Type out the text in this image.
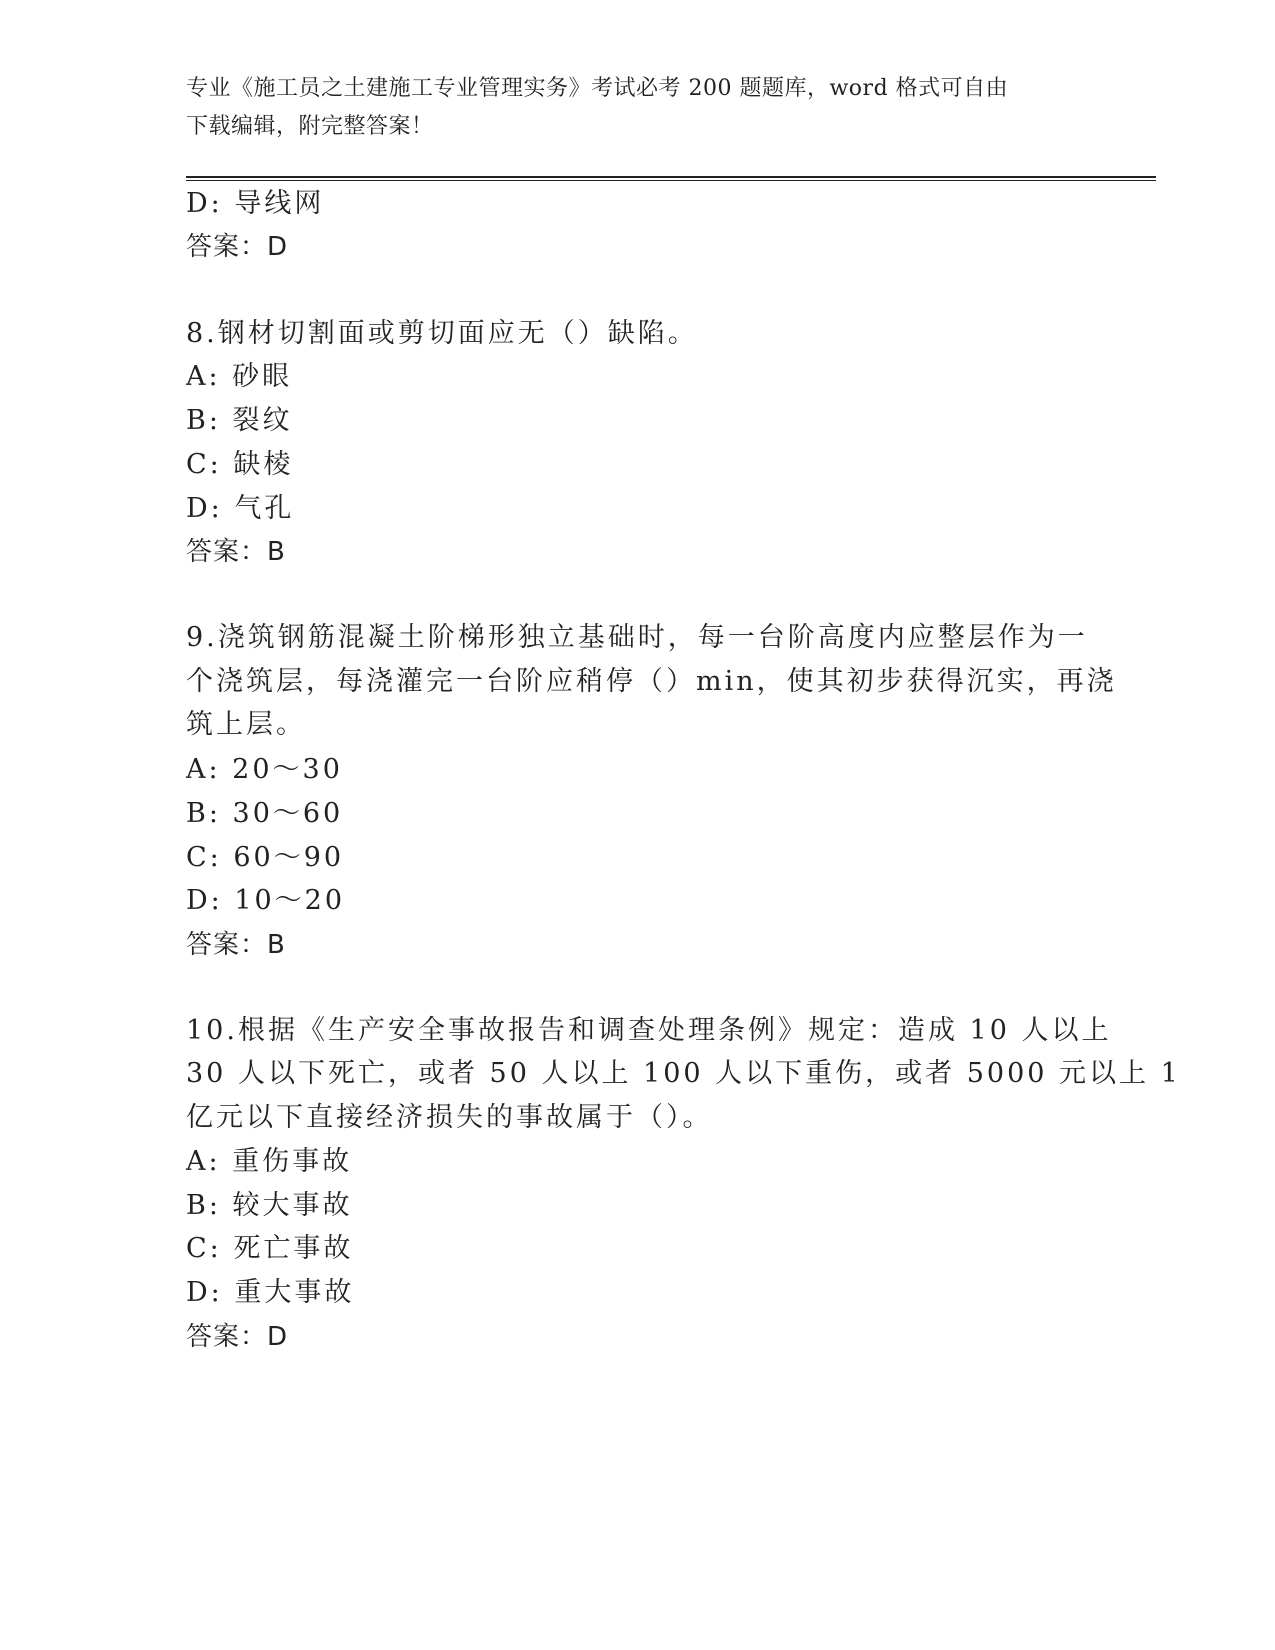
专业《施工员之土建施工专业管理实务》考试必考 200 题题库，word 格式可自由
下载编辑，附完整答案！
D: 导线网
答案：D
8.钢材切割面或剪切面应无（）缺陷。
A: 砂眼
B: 裂纹
C: 缺棱
D: 气孔
答案：B
9.浇筑钢筋混凝土阶梯形独立基础时，每一台阶高度内应整层作为一
个浇筑层，每浇灌完一台阶应稍停（）min，使其初步获得沉实，再浇
筑上层。
A: 20～30
B: 30～60
C: 60～90
D: 10～20
答案：B
10.根据《生产安全事故报告和调查处理条例》规定：造成 10 人以上
30 人以下死亡，或者 50 人以上 100 人以下重伤，或者 5000 元以上 1
亿元以下直接经济损失的事故属于（）。
A: 重伤事故
B: 较大事故
C: 死亡事故
D: 重大事故
答案：D
